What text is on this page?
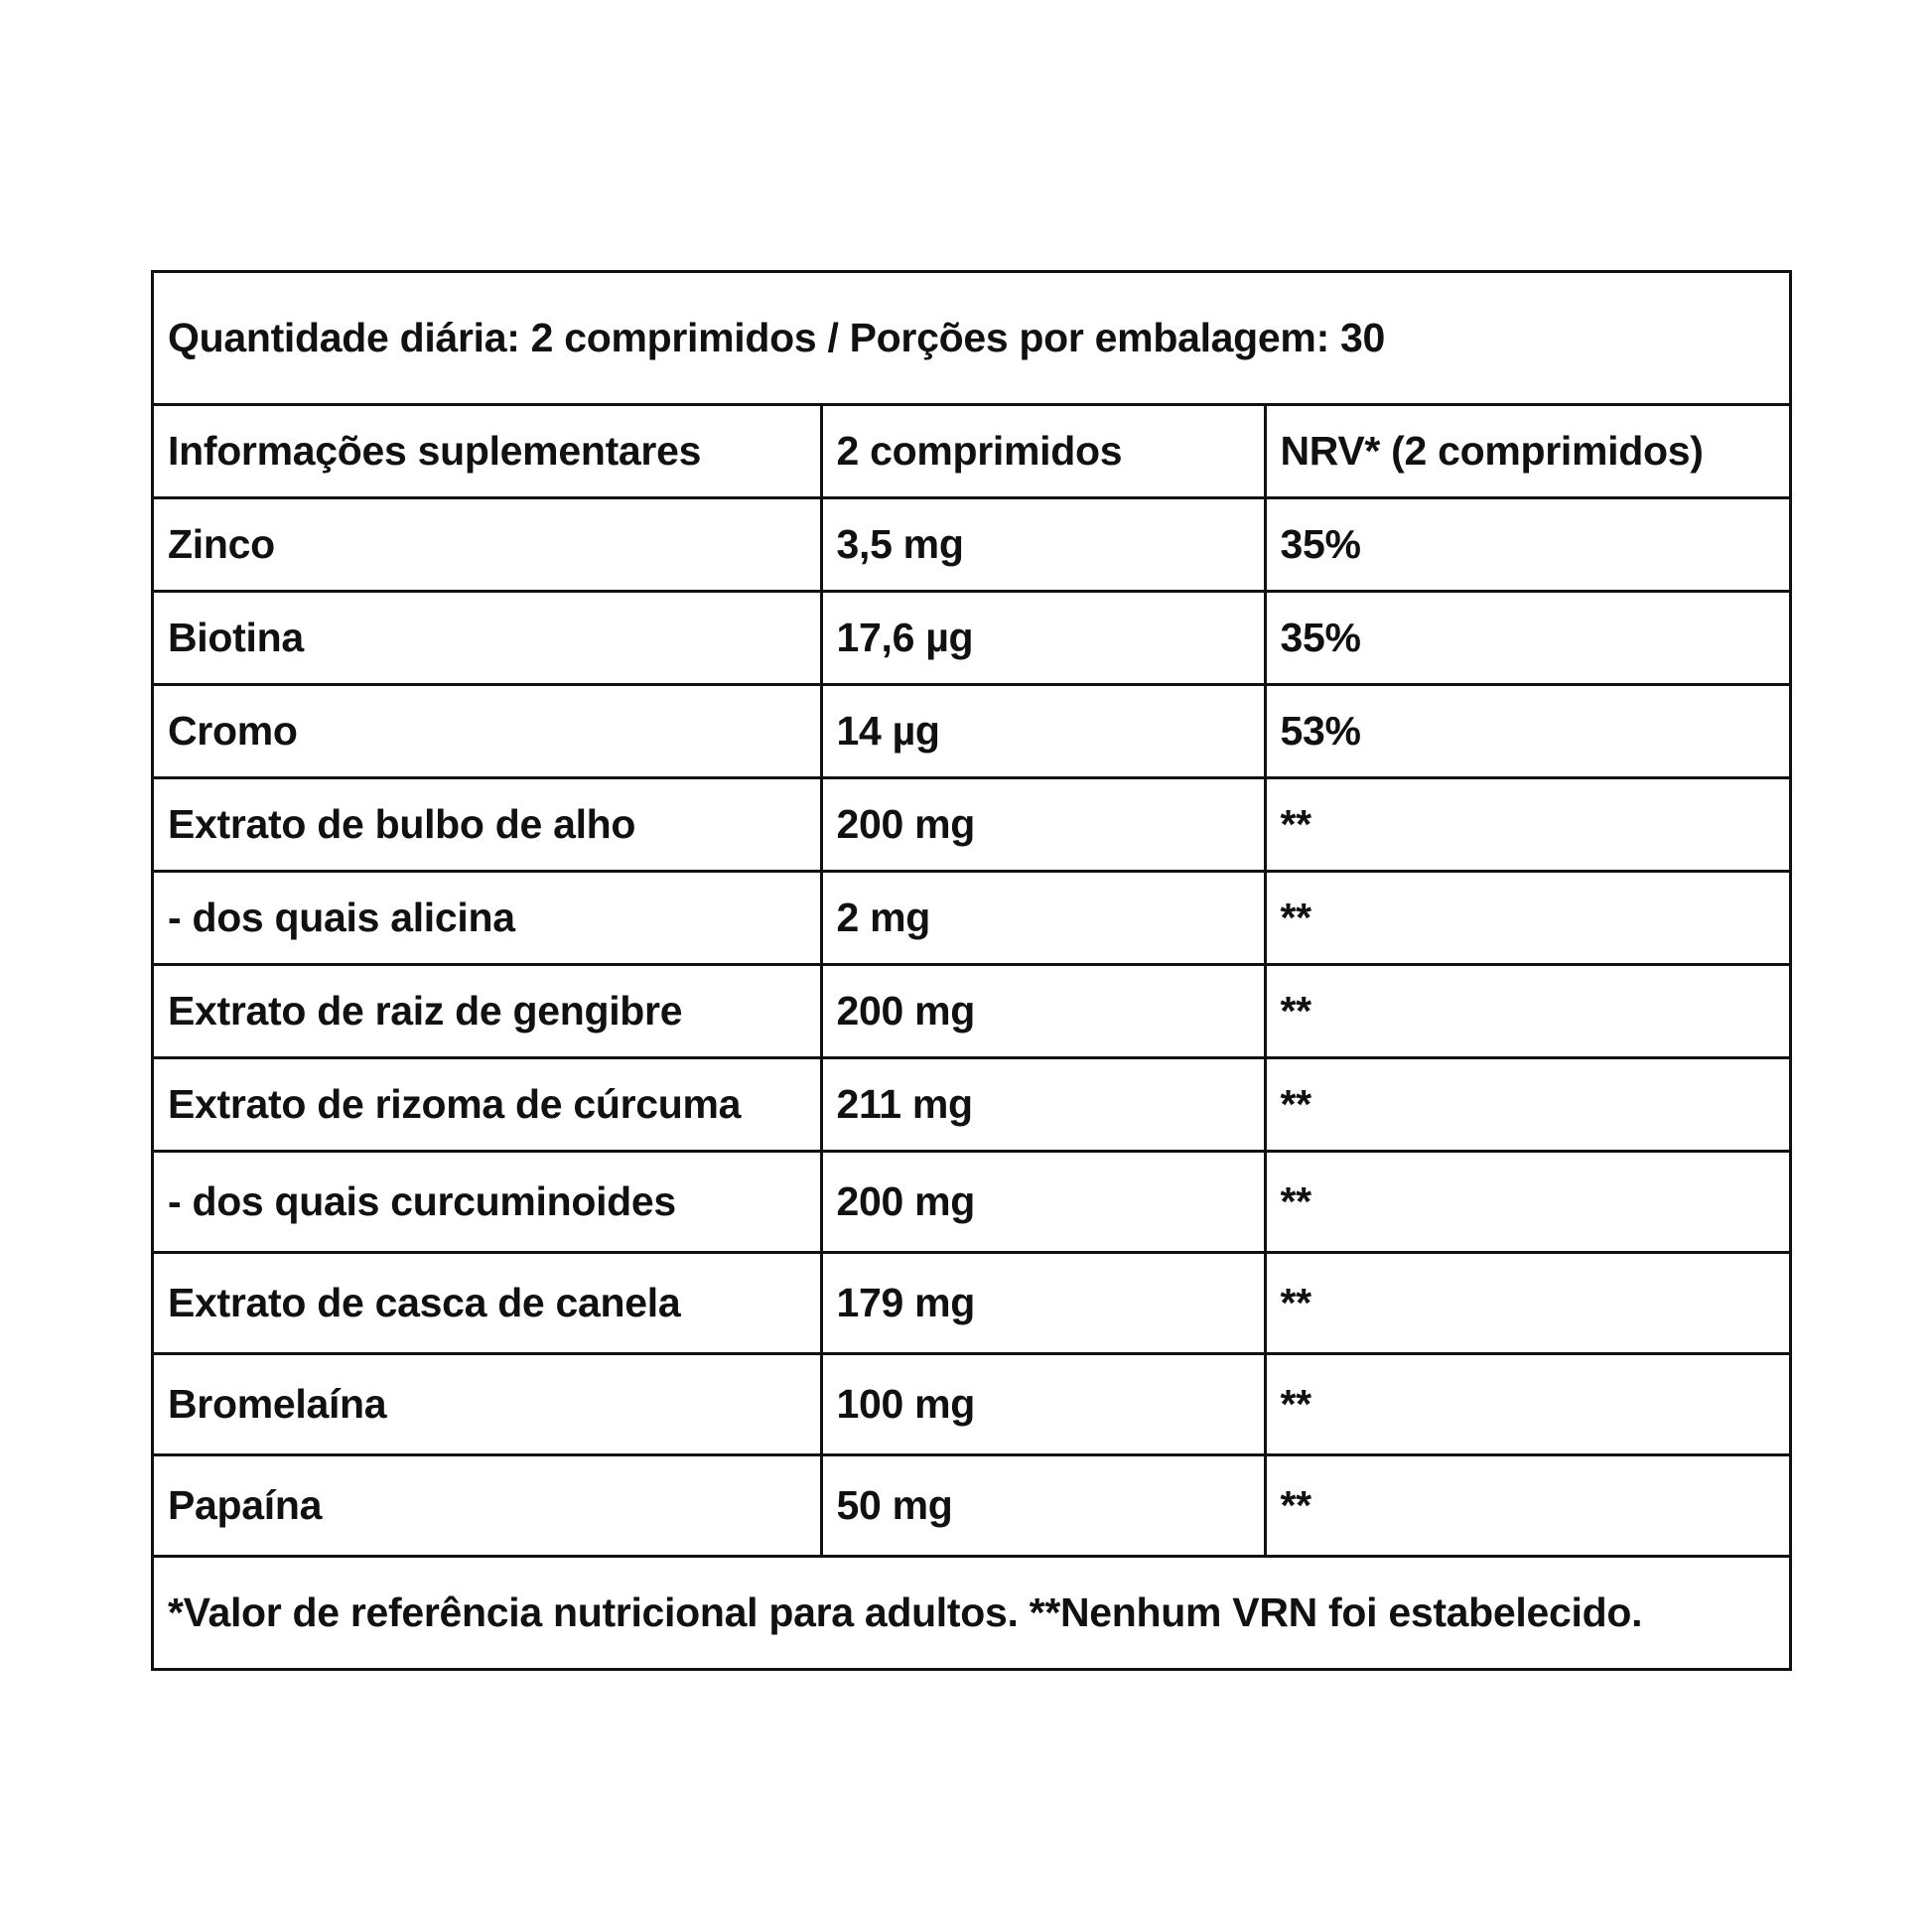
Quantidade diária: 2 comprimidos / Porções por embalagem: 30		
Informações suplementares	2 comprimidos	NRV* (2 comprimidos)
Zinco	3,5 mg	35%
Biotina	17,6 µg	35%
Cromo	14 µg	53%
Extrato de bulbo de alho	200 mg	**
- dos quais alicina	2 mg	**
Extrato de raiz de gengibre	200 mg	**
Extrato de rizoma de cúrcuma	211 mg	**
- dos quais curcuminoides	200 mg	**
Extrato de casca de canela	179 mg	**
Bromelaína	100 mg	**
Papaína	50 mg	**
*Valor de referência nutricional para adultos. **Nenhum VRN foi estabelecido.		
